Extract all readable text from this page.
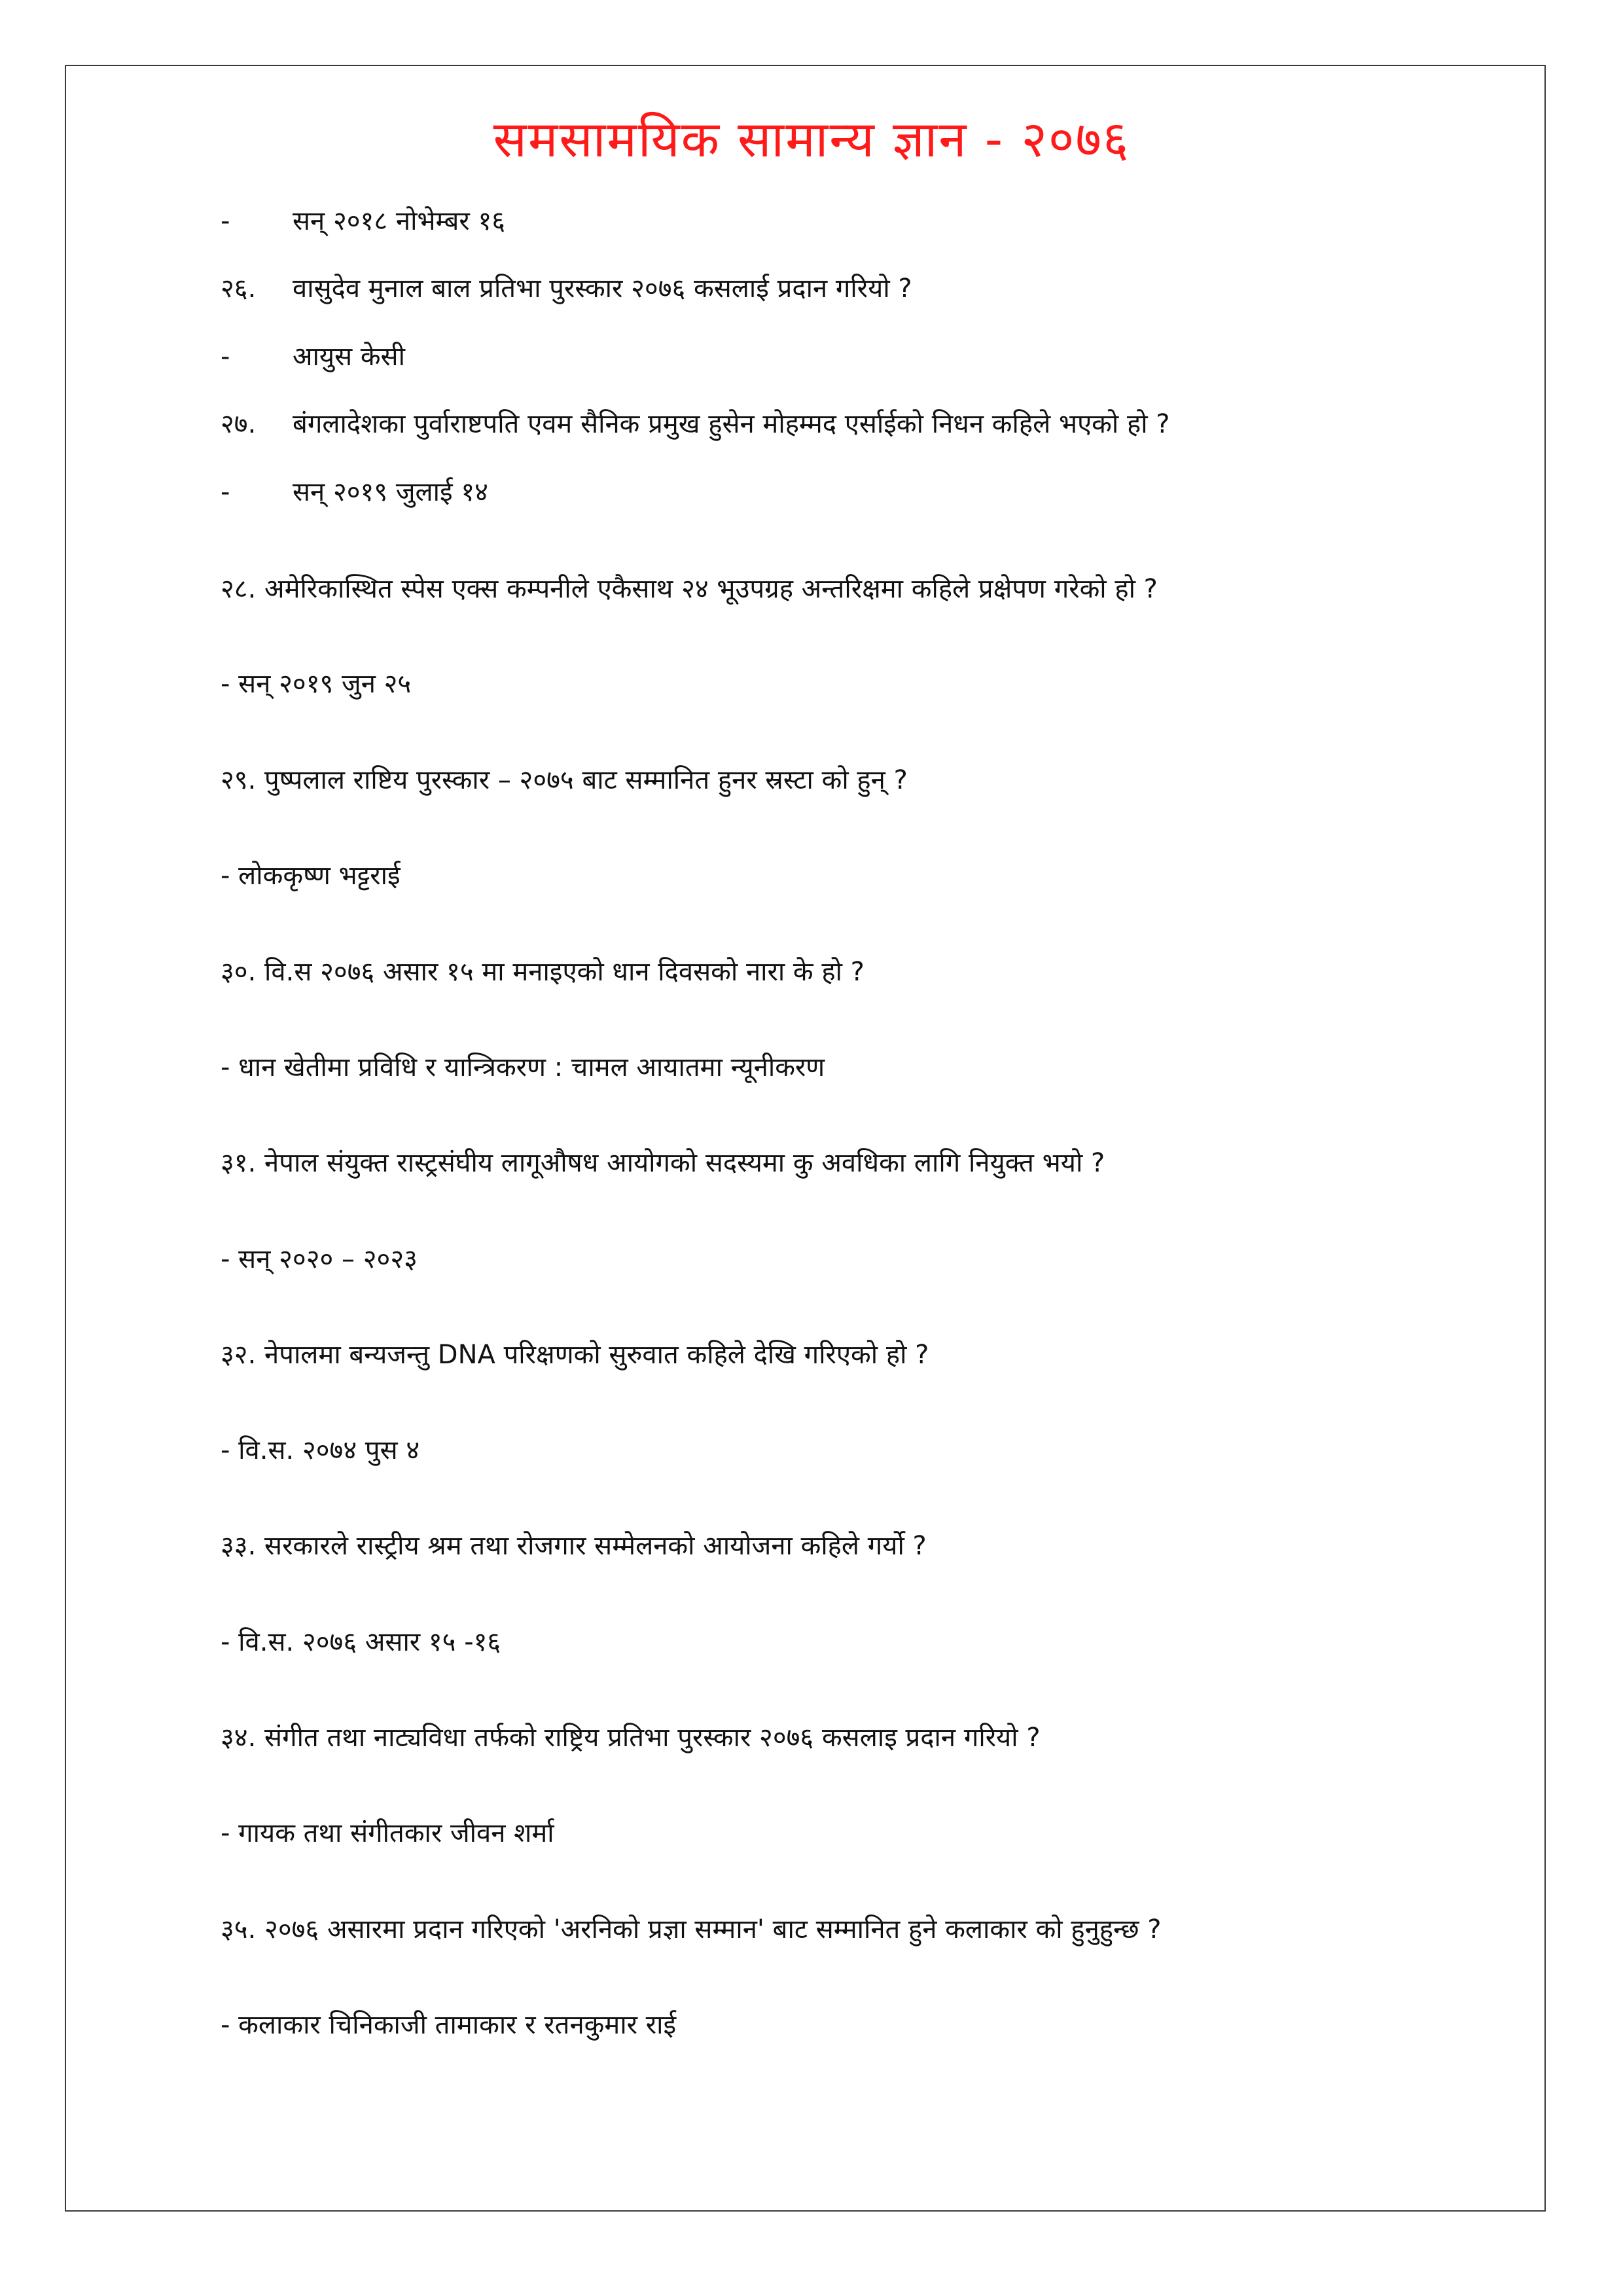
समसामयिक सामान्य ज्ञान - २०७६
- सन् २०१८ नोभेम्बर १६
२६. वासुदेव मुनाल बाल प्रतिभा पुरस्कार २०७६ कसलाई प्रदान गरियो ?
- आयुस केसी
२७. बंगलादेशका पुर्वाराष्टपति एवम सैनिक प्रमुख हुसेन मोहम्मद एर्साईको निधन कहिले भएको हो ?
- सन् २०१९ जुलाई १४
२८. अमेरिकास्थित स्पेस एक्स कम्पनीले एकैसाथ २४ भूउपग्रह अन्तरिक्षमा कहिले प्रक्षेपण गरेको हो ?
- सन् २०१९ जुन २५
२९. पुष्पलाल राष्टिय पुरस्कार – २०७५ बाट सम्मानित हुनर स्रस्टा को हुन् ?
- लोककृष्ण भट्टराई
३०. वि.स २०७६ असार १५ मा मनाइएको धान दिवसको नारा के हो ?
- धान खेतीमा प्रविधि र यान्त्रिकरण : चामल आयातमा न्यूनीकरण
३१. नेपाल संयुक्त रास्ट्रसंघीय लागूऔषध आयोगको सदस्यमा कु अवधिका लागि नियुक्त भयो ?
- सन् २०२० – २०२३
३२. नेपालमा बन्यजन्तु DNA परिक्षणको सुरुवात कहिले देखि गरिएको हो ?
- वि.स. २०७४ पुस ४
३३. सरकारले रास्ट्रीय श्रम तथा रोजगार सम्मेलनको आयोजना कहिले गर्यो ?
- वि.स. २०७६ असार १५ -१६
३४. संगीत तथा नाट्यविधा तर्फको राष्ट्रिय प्रतिभा पुरस्कार २०७६ कसलाइ प्रदान गरियो ?
- गायक तथा संगीतकार जीवन शर्मा
३५. २०७६ असारमा प्रदान गरिएको 'अरनिको प्रज्ञा सम्मान' बाट सम्मानित हुने कलाकार को हुनुहुन्छ ?
- कलाकार चिनिकाजी तामाकार र रतनकुमार राई
